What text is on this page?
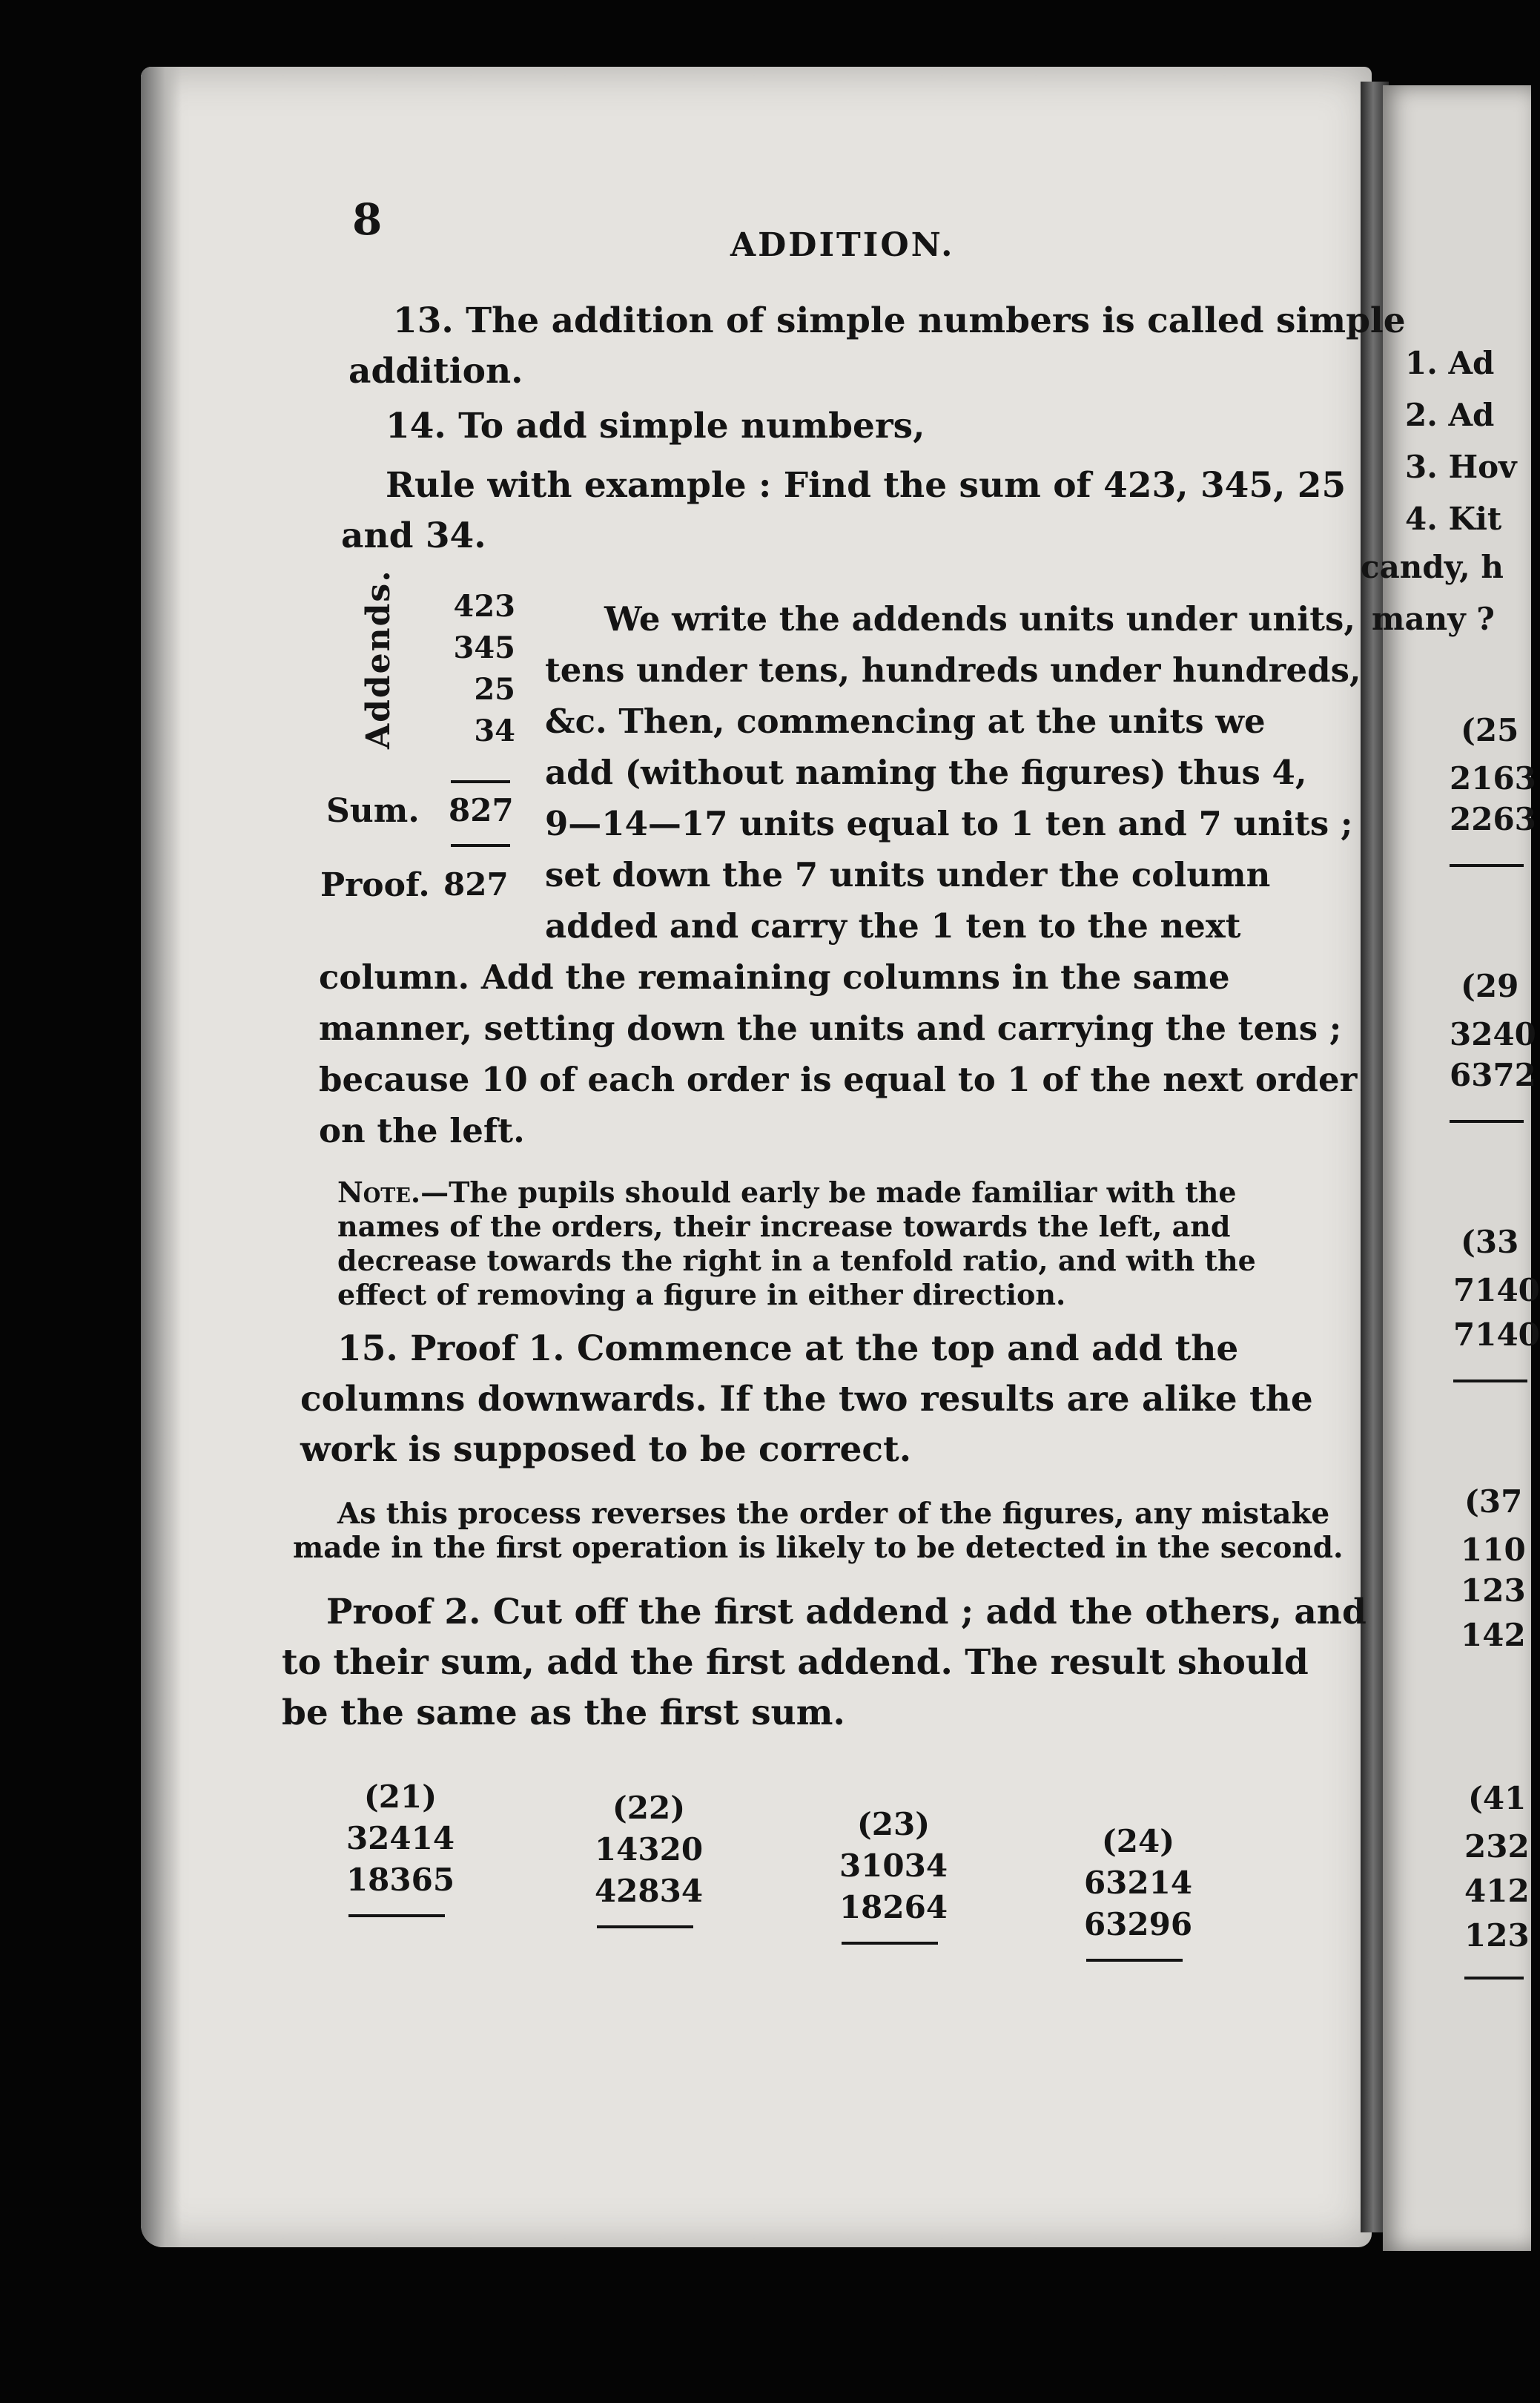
8
ADDITION.
13. The addition of simple numbers is called simple
addition.
14. To add simple numbers,
Rule with example : Find the sum of 423, 345, 25
and 34.
Addends. 423
345
25
34
Sum. 827
Proof. 827
We write the addends units under units,
tens under tens, hundreds under hundreds,
&c. Then, commencing at the units we
add (without naming the figures) thus 4,
9—14—17 units equal to 1 ten and 7 units ;
set down the 7 units under the column
added and carry the 1 ten to the next
column. Add the remaining columns in the same
manner, setting down the units and carrying the tens ;
because 10 of each order is equal to 1 of the next order
on the left.
Note.—The pupils should early be made familiar with the
names of the orders, their increase towards the left, and
decrease towards the right in a tenfold ratio, and with the
effect of removing a figure in either direction.
15. Proof 1. Commence at the top and add the
columns downwards. If the two results are alike the
work is supposed to be correct.
As this process reverses the order of the figures, any mistake
made in the first operation is likely to be detected in the second.
Proof 2. Cut off the first addend ; add the others, and
to their sum, add the first addend. The result should
be the same as the first sum.
(21)
32414
18365
(22)
14320
42834
(23)
31034
18264
(24)
63214
63296
1. Ad
2. Ad
3. Hov
4. Kit
candy, h
many ?
(25
2163
2263
(29
3240
6372
(33
7140
7140
(37
110
123
142
(41
232
412
123
